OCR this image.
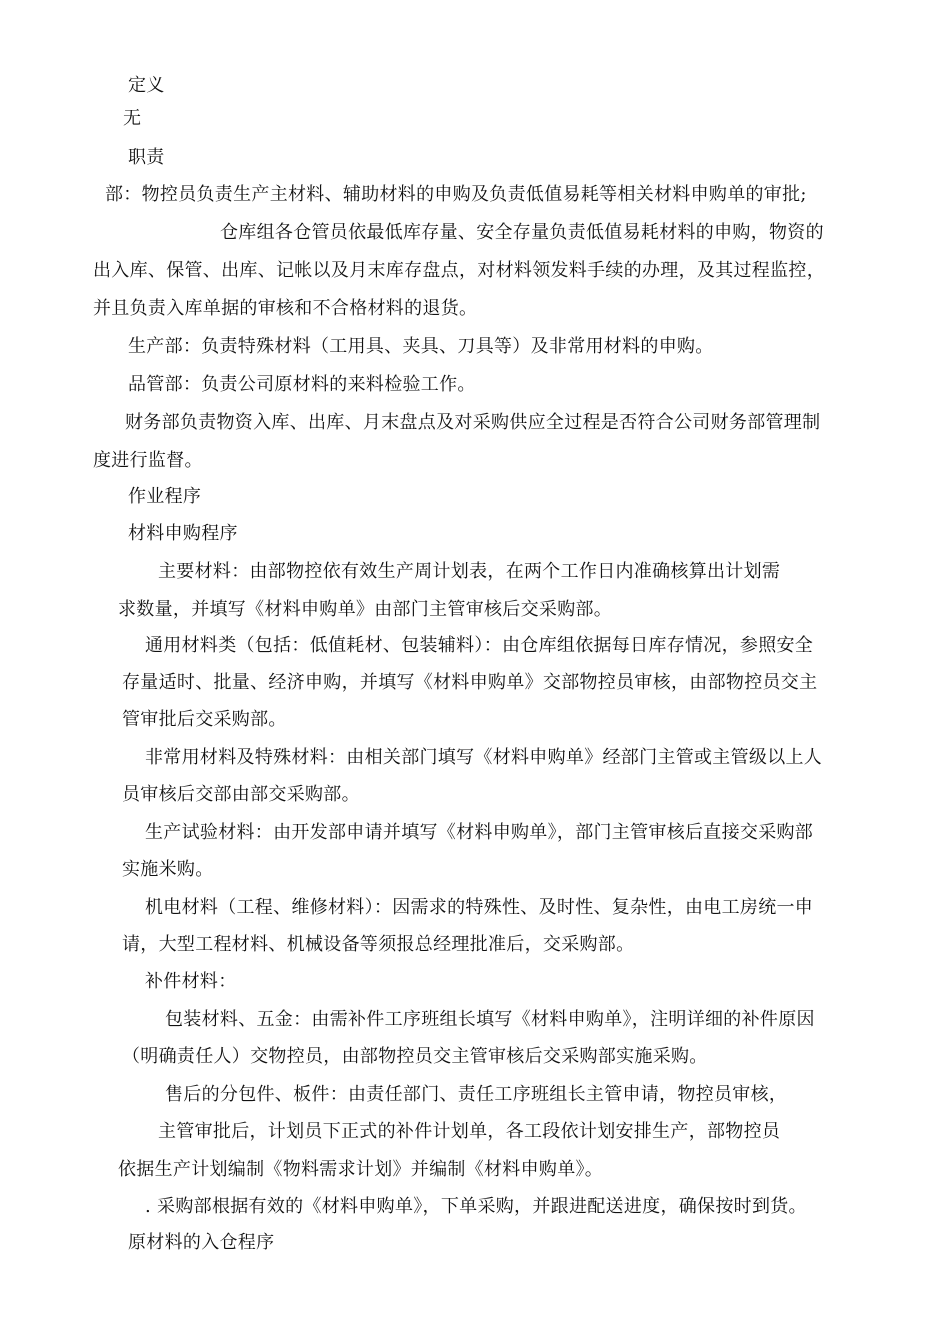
定义
无
职责
部：物控员负责生产主材料、辅助材料的申购及负责低值易耗等相关材料申购单的审批;
仓库组各仓管员依最低库存量、安全存量负责低值易耗材料的申购，物资的
出入库、保管、出库、记帐以及月末库存盘点，对材料领发料手续的办理，及其过程监控，
并且负责入库单据的审核和不合格材料的退货。
生产部：负责特殊材料（工用具、夹具、刀具等）及非常用材料的申购。
品管部：负责公司原材料的来料检验工作。
财务部负责物资入库、出库、月末盘点及对采购供应全过程是否符合公司财务部管理制
度进行监督。
作业程序
材料申购程序
主要材料：由部物控依有效生产周计划表，在两个工作日内准确核算出计划需
求数量，并填写《材料申购单》由部门主管审核后交采购部。
通用材料类（包括：低值耗材、包装辅料）：由仓库组依据每日库存情况，参照安全
存量适时、批量、经济申购，并填写《材料申购单》交部物控员审核，由部物控员交主
管审批后交采购部。
非常用材料及特殊材料：由相关部门填写《材料申购单》经部门主管或主管级以上人
员审核后交部由部交采购部。
生产试验材料：由开发部申请并填写《材料申购单》，部门主管审核后直接交采购部
实施米购。
机电材料（工程、维修材料）：因需求的特殊性、及时性、复杂性，由电工房统一申
请，大型工程材料、机械设备等须报总经理批准后，交采购部。
补件材料：
包装材料、五金：由需补件工序班组长填写《材料申购单》，注明详细的补件原因
（明确责任人）交物控员，由部物控员交主管审核后交采购部实施采购。
售后的分包件、板件：由责任部门、责任工序班组长主管申请，物控员审核，
主管审批后，计划员下正式的补件计划单，各工段依计划安排生产，部物控员
依据生产计划编制《物料需求计划》并编制《材料申购单》。
. 采购部根据有效的《材料申购单》，下单采购，并跟进配送进度，确保按时到货。
原材料的入仓程序
